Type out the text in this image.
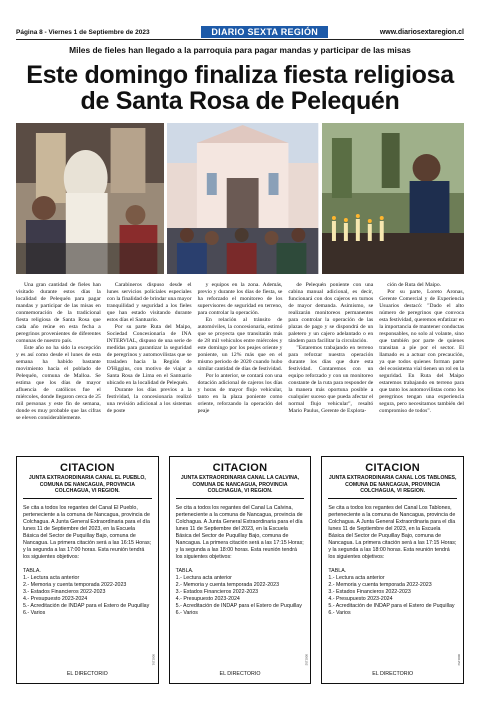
Página 8 - Viernes 1 de Septiembre de 2023	DIARIO SEXTA REGIÓN	www.diariosextaregion.cl
Miles de fieles han llegado a la parroquia para pagar mandas y participar de las misas
Este domingo finaliza fiesta religiosa
de Santa Rosa de Pelequén

Una gran cantidad de fieles han visitado durante estos días la localidad de Pelequén para pagar mandas y participar de las misas en conmemoración de la tradicional fiesta religiosa de Santa Rosa que cada año reúne en esta fecha a peregrinos provenientes de diferentes comunas de nuestro país.

Este año no ha sido la excepción y es así como desde el lunes de esta semana ha habido bastante movimiento hacia el poblado de Pelequén, comuna de Malloa. Se estima que los días de mayor afluencia de católicos fue el miércoles, donde llegaron cerca de 25 mil personas y este fin de semana, donde es muy probable que las cifras se eleven considerablemente.

Carabineros dispuso desde el lunes servicios policiales especiales con la finalidad de brindar una mayor tranquilidad y seguridad a los fieles que han estado visitando durante estos días el Santuario.

Por su parte Ruta del Maipo, Sociedad Concesionaria de INA INTERVIAL, dispuso de una serie de medidas para garantizar la seguridad de peregrinos y automovilistas que se trasladen hacia la Región de O'Higgins, con motivo de viajar a Santa Rosa de Lima en el Santuario ubicado en la localidad de Pelequén.

Durante los días previos a la festividad, la concesionaria realizó una revisión adicional a los sistemas de poste

y equipos en la zona. Además, previo y durante los días de fiesta, se ha reforzado el monitoreo de los supervisores de seguridad en terreno, para controlar la operación.

En relación al tránsito de automóviles, la concesionaria, estimó que se proyecta que transitarán más de 28 mil vehículos entre miércoles y este domingo por los peajes oriente y poniente, un 12% más que en el mismo periodo de 2020 cuando hubo similar cantidad de días de festividad.

Por lo anterior, se contará con una dotación adicional de cajeros los días y horas de mayor flujo vehicular, tanto en la plaza poniente como oriente, reforzando la operación del peaje

de Pelequén poniente con una cabina manual adicional, es decir, funcionará con dos cajeros en turnos de mayor demanda. Asimismo, se realizarán monitoreos permanentes para controlar la operación de las plazas de pago y se dispondrá de un paletero y un cajero adelantado o en tándem para facilitar la circulación.

"Estaremos trabajando en terreno para reforzar nuestra operación durante los días que dure esta festividad. Contaremos con un equipo reforzado y con un monitoreo constante de la ruta para responder de la manera más oportuna posible a cualquier suceso que pueda afectar el normal flujo vehicular", resaltó Mario Paulus, Gerente de Explota-

ción de Ruta del Maipo.

Por su parte, Loreto Aronas, Gerente Comercial y de Experiencia Usuarios destacó: "Dado el alto número de peregrinos que convoca esta festividad, queremos enfatizar en la importancia de mantener conductas responsables, no solo al volante, sino que también por parte de quienes transitan a pie por el sector. El llamado es a actuar con precaución, ya que todos quienes forman parte del ecosistema vial tienen un rol en la seguridad. En Ruta del Maipo estaremos trabajando en terreno para que tanto los automovilistas como los peregrinos tengan una experiencia segura, pero necesitamos también del compromiso de todos".

CITACION
JUNTA EXTRAORDINARIA CANAL EL PUEBLO, COMUNA DE NANCAGUA, PROVINCIA COLCHAGUA, VI REGION.
Se cita a todos los regantes del Canal El Pueblo, perteneciente a la comuna de Nancagua, provincia de Colchagua. A Junta General Extraordinaria para el día lunes 11 de Septiembre del 2023, en la Escuela Básica del Sector de Puquillay Bajo, comuna de Nancagua. La primera citación será a las 16:15 Horas; y la segunda a las 17:00 horas. Esta reunión tendrá los siguientes objetivos:
TABLA.
1.- Lectura acta anterior
2.- Memoria y cuenta temporada 2022-2023
3.- Estados Financieros 2022-2023
4.- Presupuesto 2023-2024
5.- Acreditación de INDAP para el Estero de Puquillay
6.- Varios
0001151
EL DIRECTORIO
CITACION
JUNTA EXTRAORDINARIA CANAL LA CALVINA, COMUNA DE NANCAGUA, PROVINCIA COLCHAGUA, VI REGION.
Se cita a todos los regantes del Canal La Calvina, perteneciente a la comuna de Nancagua, provincia de Colchagua. A Junta General Extraordinaria para el día lunes 11 de Septiembre del 2023, en la Escuela Básica del Sector de Puquillay Bajo, comuna de Nancagua. La primera citación será a las 17:15 Horas; y la segunda a las 18:00 horas. Esta reunión tendrá los siguientes objetivos:
TABLA.
1.- Lectura acta anterior
2.- Memoria y cuenta temporada 2022-2023
3.- Estados Financieros 2022-2023
4.- Presupuesto 2023-2024
5.- Acreditación de INDAP para el Estero de Puquillay
6.- Varios
0001152
EL DIRECTORIO
CITACION
JUNTA EXTRAORDINARIA CANAL LOS TABLONES, COMUNA DE NANCAGUA, PROVINCIA COLCHAGUA, VI REGION.
Se cita a todos los regantes del Canal Los Tablones, perteneciente a la comuna de Nancagua, provincia de Colchagua. A Junta General Extraordinaria para el día lunes 11 de Septiembre del 2023, en la Escuela Básica del Sector de Puquillay Bajo, comuna de Nancagua. La primera citación será a las 17:15 Horas; y la segunda a las 18:00 horas. Esta reunión tendrá los siguientes objetivos:
TABLA.
1.- Lectura acta anterior
2.- Memoria y cuenta temporada 2022-2023
3.- Estados Financieros 2022-2023
4.- Presupuesto 2023-2024
5.- Acreditación de INDAP para el Estero de Puquillay
6.- Varios
0001153
EL DIRECTORIO
